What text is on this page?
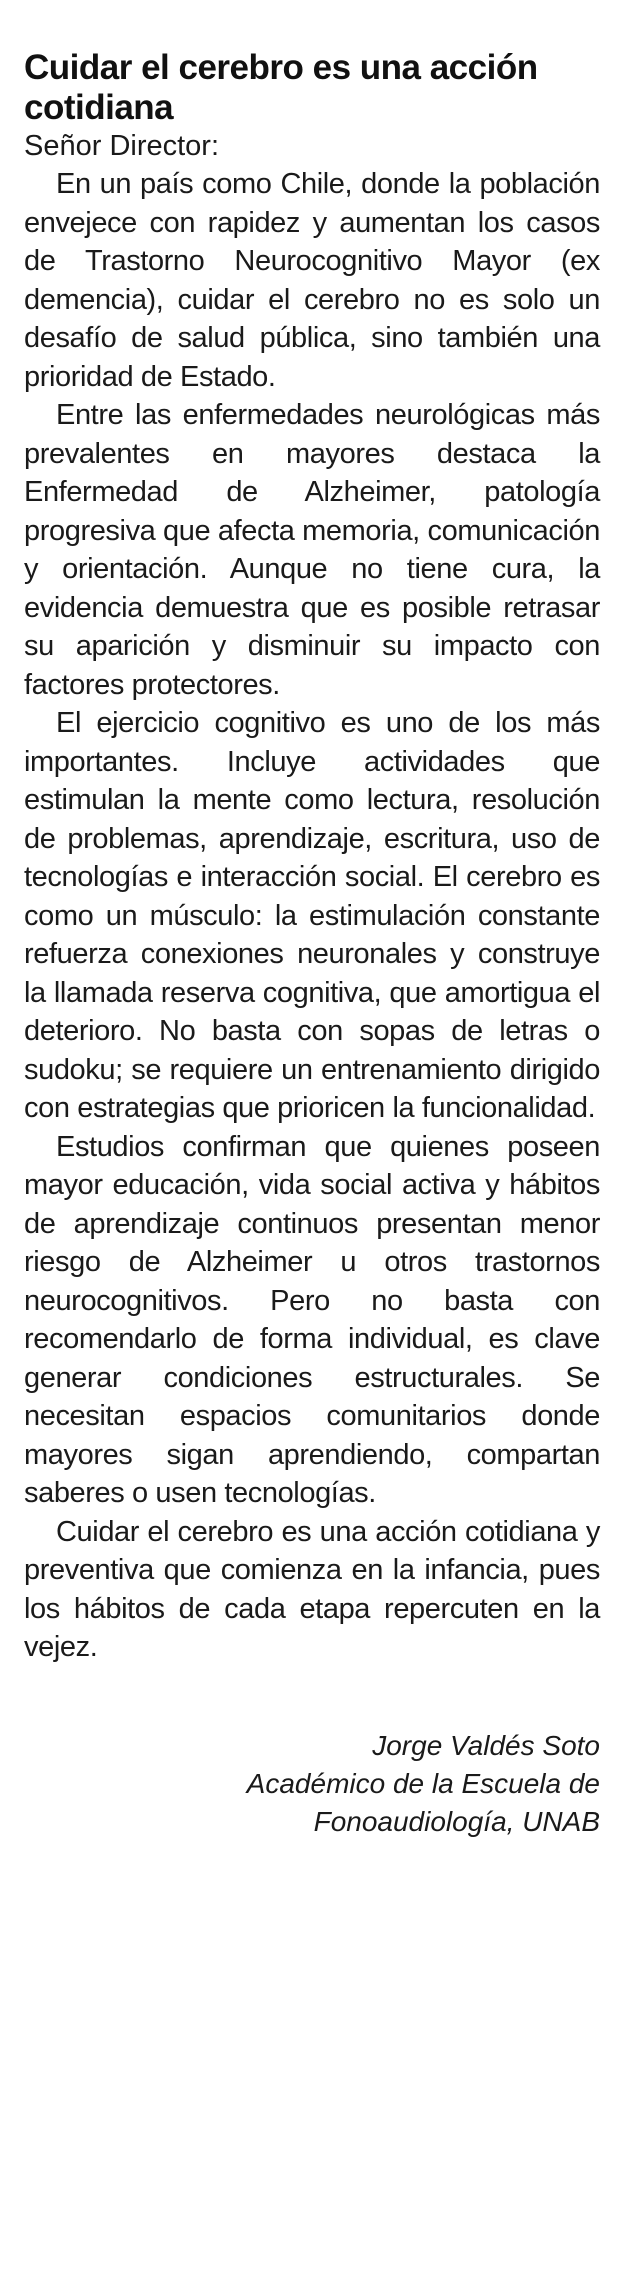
Cuidar el cerebro es una acción cotidiana

Señor Director:

En un país como Chile, donde la población envejece con rapidez y aumentan los casos de Trastorno Neurocognitivo Mayor (ex demencia), cuidar el cerebro no es solo un desafío de salud pública, sino también una prioridad de Estado.

Entre las enfermedades neurológicas más prevalentes en mayores destaca la Enfermedad de Alzheimer, patología progresiva que afecta memoria, comunicación y orientación. Aunque no tiene cura, la evidencia demuestra que es posible retrasar su aparición y disminuir su impacto con factores protectores.

El ejercicio cognitivo es uno de los más importantes. Incluye actividades que estimulan la mente como lectura, resolución de problemas, aprendizaje, escritura, uso de tecnologías e interacción social. El cerebro es como un músculo: la estimulación constante refuerza conexiones neuronales y construye la llamada reserva cognitiva, que amortigua el deterioro. No basta con sopas de letras o sudoku; se requiere un entrenamiento dirigido con estrategias que prioricen la funcionalidad.

Estudios confirman que quienes poseen mayor educación, vida social activa y hábitos de aprendizaje continuos presentan menor riesgo de Alzheimer u otros trastornos neurocognitivos. Pero no basta con recomendarlo de forma individual, es clave generar condiciones estructurales. Se necesitan espacios comunitarios donde mayores sigan aprendiendo, compartan saberes o usen tecnologías.

Cuidar el cerebro es una acción cotidiana y preventiva que comienza en la infancia, pues los hábitos de cada etapa repercuten en la vejez.

Jorge Valdés Soto
Académico de la Escuela de
Fonoaudiología, UNAB
